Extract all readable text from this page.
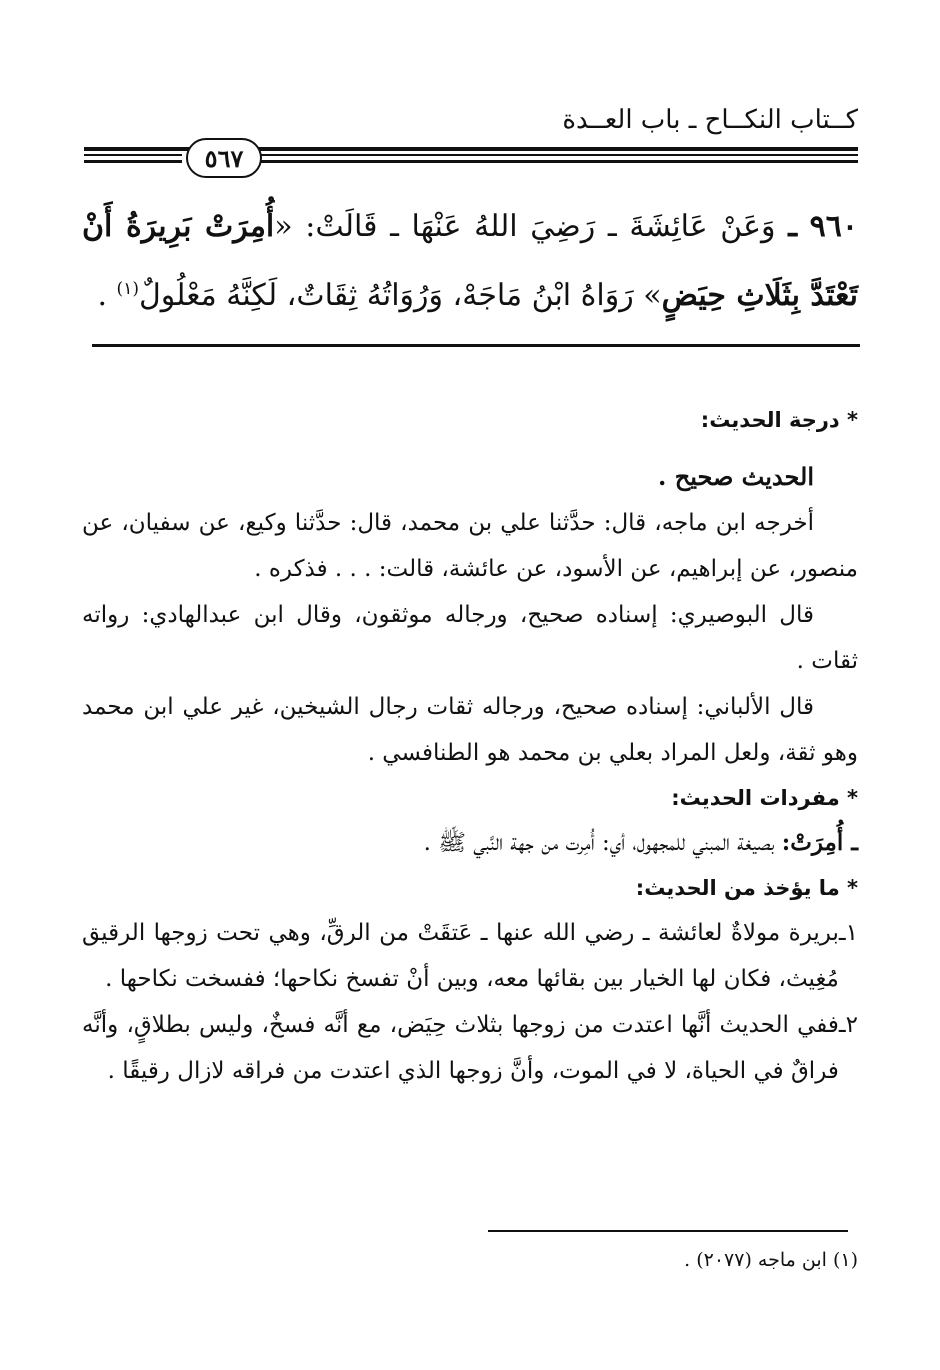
كــتاب النكــاح ـ باب العــدة
٥٦٧
٩٦٠ ـ وَعَنْ عَائِشَةَ ـ رَضِيَ اللهُ عَنْهَا ـ قَالَتْ: «أُمِرَتْ بَرِيرَةُ أَنْ تَعْتَدَّ بِثَلَاثِ حِيَضٍ» رَوَاهُ ابْنُ مَاجَهْ، وَرُوَاتُهُ ثِقَاتٌ، لَكِنَّهُ مَعْلُولٌ$^{(١)}$ .
* درجة الحديث:
الحديث صحيح .
أخرجه ابن ماجه، قال: حدَّثنا علي بن محمد، قال: حدَّثنا وكيع، عن سفيان، عن منصور، عن إبراهيم، عن الأسود، عن عائشة، قالت: . . . فذكره .
قال البوصيري: إسناده صحيح، ورجاله موثقون، وقال ابن عبدالهادي: رواته ثقات .
قال الألباني: إسناده صحيح، ورجاله ثقات رجال الشيخين، غير علي ابن محمد وهو ثقة، ولعل المراد بعلي بن محمد هو الطنافسي .
* مفردات الحديث:
ـ أُمِرَتْ: بصيغة المبني للمجهول، أي: أُمِرت من جهة النَّبي ﷺ .
* ما يؤخذ من الحديث:
١ـ
بريرة مولاةٌ لعائشة ـ رضي الله عنها ـ عَتقَتْ من الرقِّ، وهي تحت زوجها الرقيق مُغِيث، فكان لها الخيار بين بقائها معه، وبين أنْ تفسخ نكاحها؛ ففسخت نكاحها .
٢ـ
ففي الحديث أنَّها اعتدت من زوجها بثلاث حِيَض، مع أنَّه فسخٌ، وليس بطلاقٍ، وأنَّه فراقٌ في الحياة، لا في الموت، وأنَّ زوجها الذي اعتدت من فراقه لازال رقيقًا .
(١) ابن ماجه (٢٠٧٧) .
